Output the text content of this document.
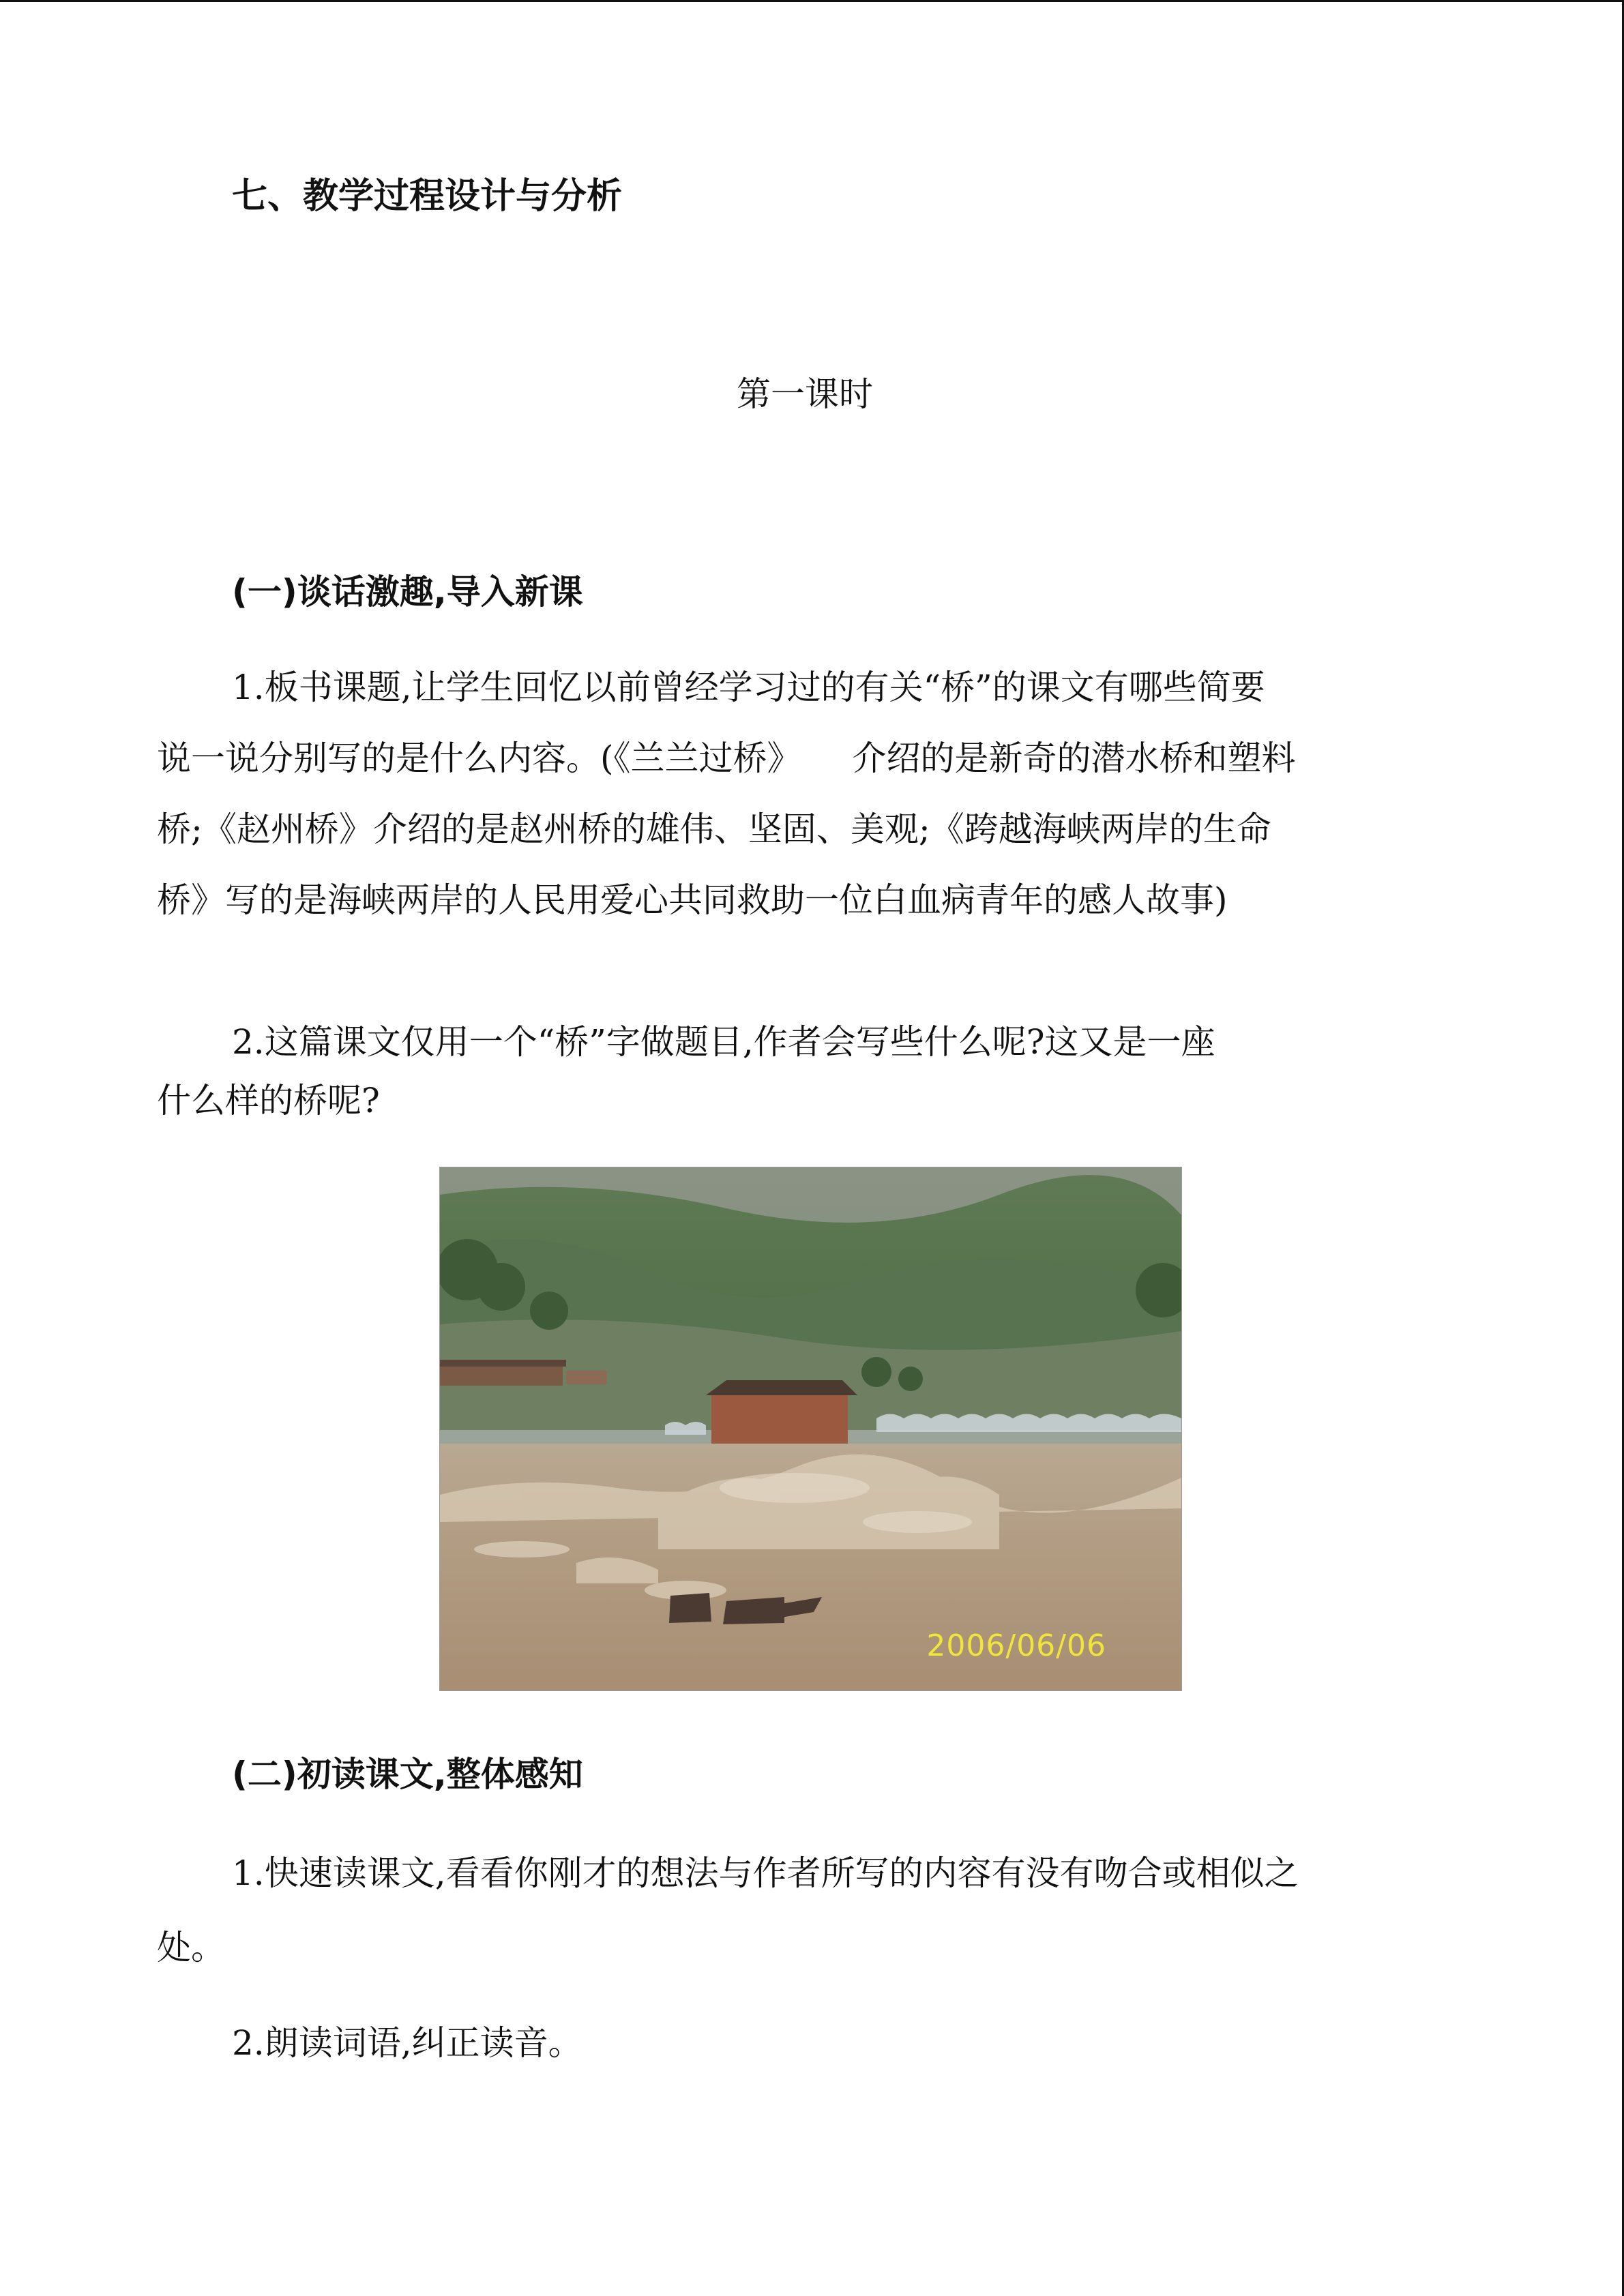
七、教学过程设计与分析
第一课时
(一)谈话激趣,导入新课
1.板书课题,让学生回忆以前曾经学习过的有关“桥”的课文有哪些简要
说一说分别写的是什么内容。(《兰兰过桥》　　介绍的是新奇的潜水桥和塑料
桥;《赵州桥》介绍的是赵州桥的雄伟、坚固、美观;《跨越海峡两岸的生命
桥》写的是海峡两岸的人民用爱心共同救助一位白血病青年的感人故事)
2.这篇课文仅用一个“桥”字做题目,作者会写些什么呢?这又是一座
什么样的桥呢?
2006/06/06
(二)初读课文,整体感知
1.快速读课文,看看你刚才的想法与作者所写的内容有没有吻合或相似之
处。
2.朗读词语,纠正读音。
